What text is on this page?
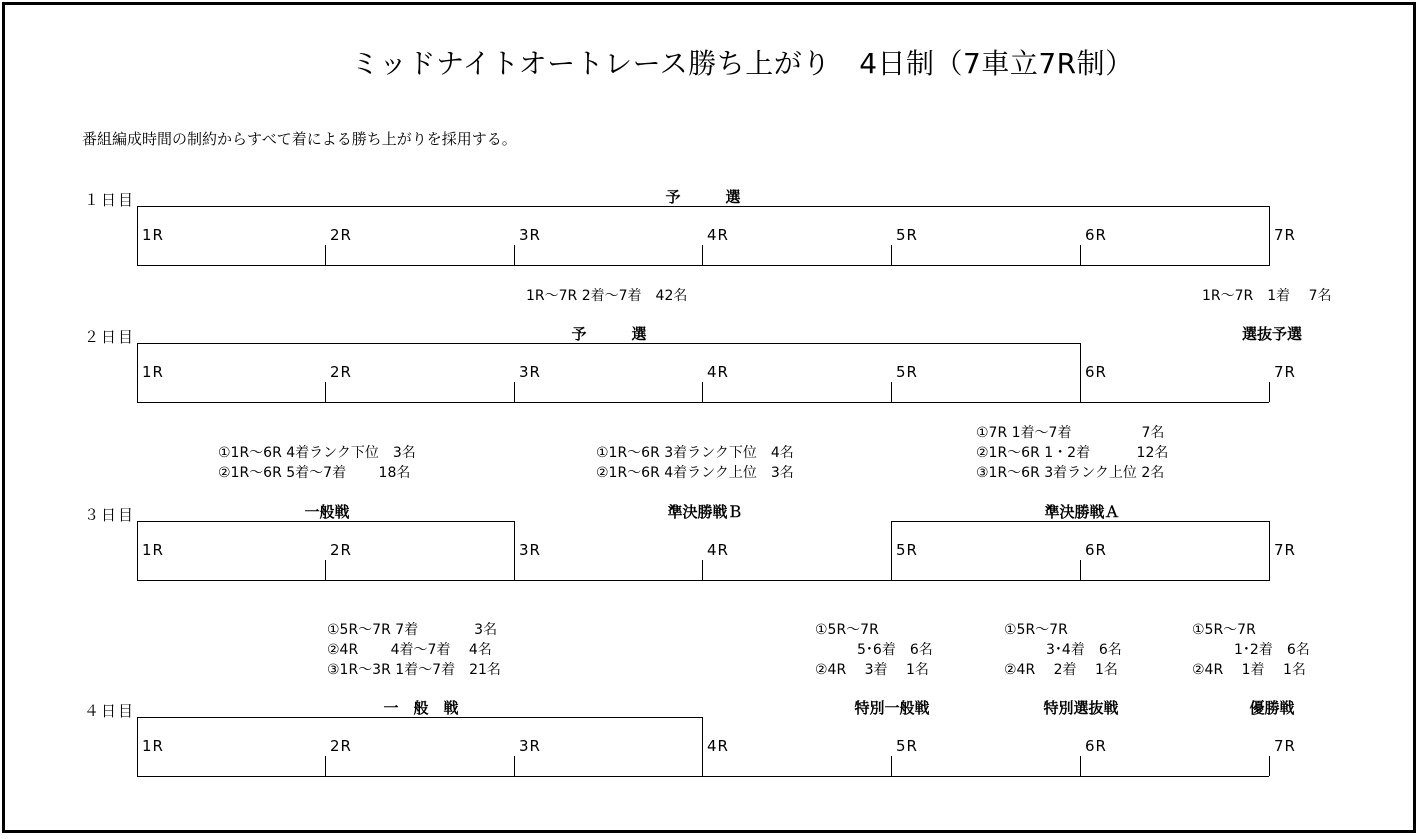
ミッドナイトオートレース勝ち上がり　4日制（7車立7R制）
番組編成時間の制約からすべて着による勝ち上がりを採用する。
１日目
２日目
３日目
４日目
予　　　選
1R～7R 2着～7着　42名	1R～7R　1着　 7名
予　　　選	選抜予選
①1R～6R 4着ランク下位　3名
②1R～6R 5着～7着　　 18名
①1R～6R 3着ランク下位　4名
②1R～6R 4着ランク上位　3名
①7R 1着～7着　　　　　7名
②1R～6R 1・2着　　　 12名
③1R～6R 3着ランク上位 2名
一般戦	準決勝戦Ｂ	準決勝戦Ａ
①5R～7R 7着　　　　3名
②4R　　 4着～7着　 4名
③1R～3R 1着～7着　21名
①5R～7R
　　　5･6着　6名
②4R　 3着　 1名
①5R～7R
　　　3･4着　6名
②4R　 2着　 1名
①5R～7R
　　　1･2着　6名
②4R　 1着　 1名
一　般　戦	特別一般戦	特別選抜戦	優勝戦
1R	2R	3R	4R	5R	6R	7R
1R	2R	3R	4R	5R	6R	7R
1R	2R	3R	4R	5R	6R	7R
1R	2R	3R	4R	5R	6R	7R
